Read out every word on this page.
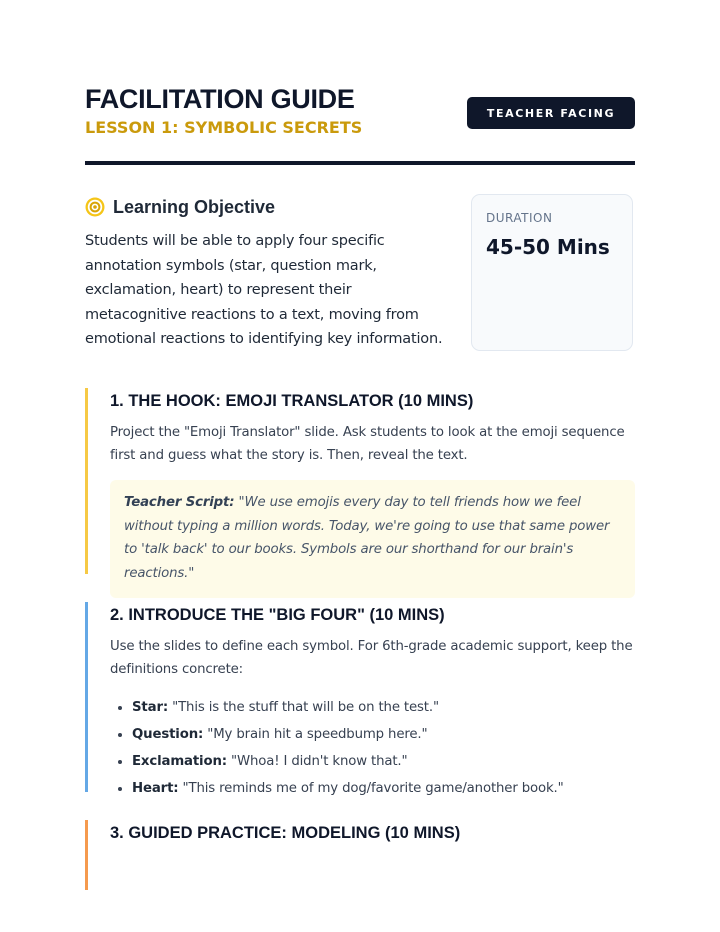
FACILITATION GUIDE
LESSON 1: SYMBOLIC SECRETS
TEACHER FACING
Learning Objective
Students will be able to apply four specific annotation symbols (star, question mark, exclamation, heart) to represent their metacognitive reactions to a text, moving from emotional reactions to identifying key information.
DURATION
45-50 Mins
1. THE HOOK: EMOJI TRANSLATOR (10 MINS)
Project the "Emoji Translator" slide. Ask students to look at the emoji sequence first and guess what the story is. Then, reveal the text.
Teacher Script: "We use emojis every day to tell friends how we feel without typing a million words. Today, we're going to use that same power to 'talk back' to our books. Symbols are our shorthand for our brain's reactions."
2. INTRODUCE THE "BIG FOUR" (10 MINS)
Use the slides to define each symbol. For 6th-grade academic support, keep the definitions concrete:
• Star: "This is the stuff that will be on the test."
• Question: "My brain hit a speedbump here."
• Exclamation: "Whoa! I didn't know that."
• Heart: "This reminds me of my dog/favorite game/another book."
3. GUIDED PRACTICE: MODELING (10 MINS)
